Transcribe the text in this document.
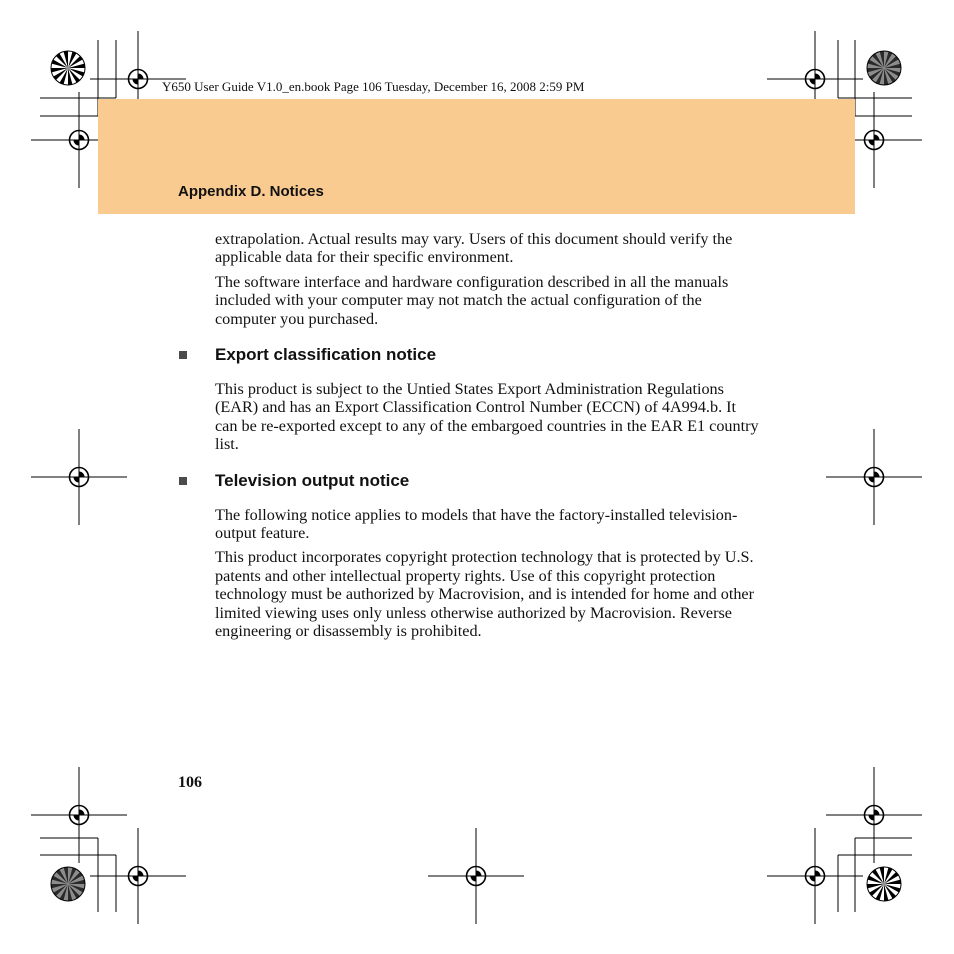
Y650 User Guide V1.0_en.book Page 106 Tuesday, December 16, 2008 2:59 PM

Appendix D. Notices

extrapolation. Actual results may vary. Users of this document should verify the applicable data for their specific environment.

The software interface and hardware configuration described in all the manuals included with your computer may not match the actual configuration of the computer you purchased.

Export classification notice

This product is subject to the Untied States Export Administration Regulations (EAR) and has an Export Classification Control Number (ECCN) of 4A994.b. It can be re-exported except to any of the embargoed countries in the EAR E1 country list.

Television output notice

The following notice applies to models that have the factory-installed television-output feature.

This product incorporates copyright protection technology that is protected by U.S. patents and other intellectual property rights. Use of this copyright protection technology must be authorized by Macrovision, and is intended for home and other limited viewing uses only unless otherwise authorized by Macrovision. Reverse engineering or disassembly is prohibited.

106
